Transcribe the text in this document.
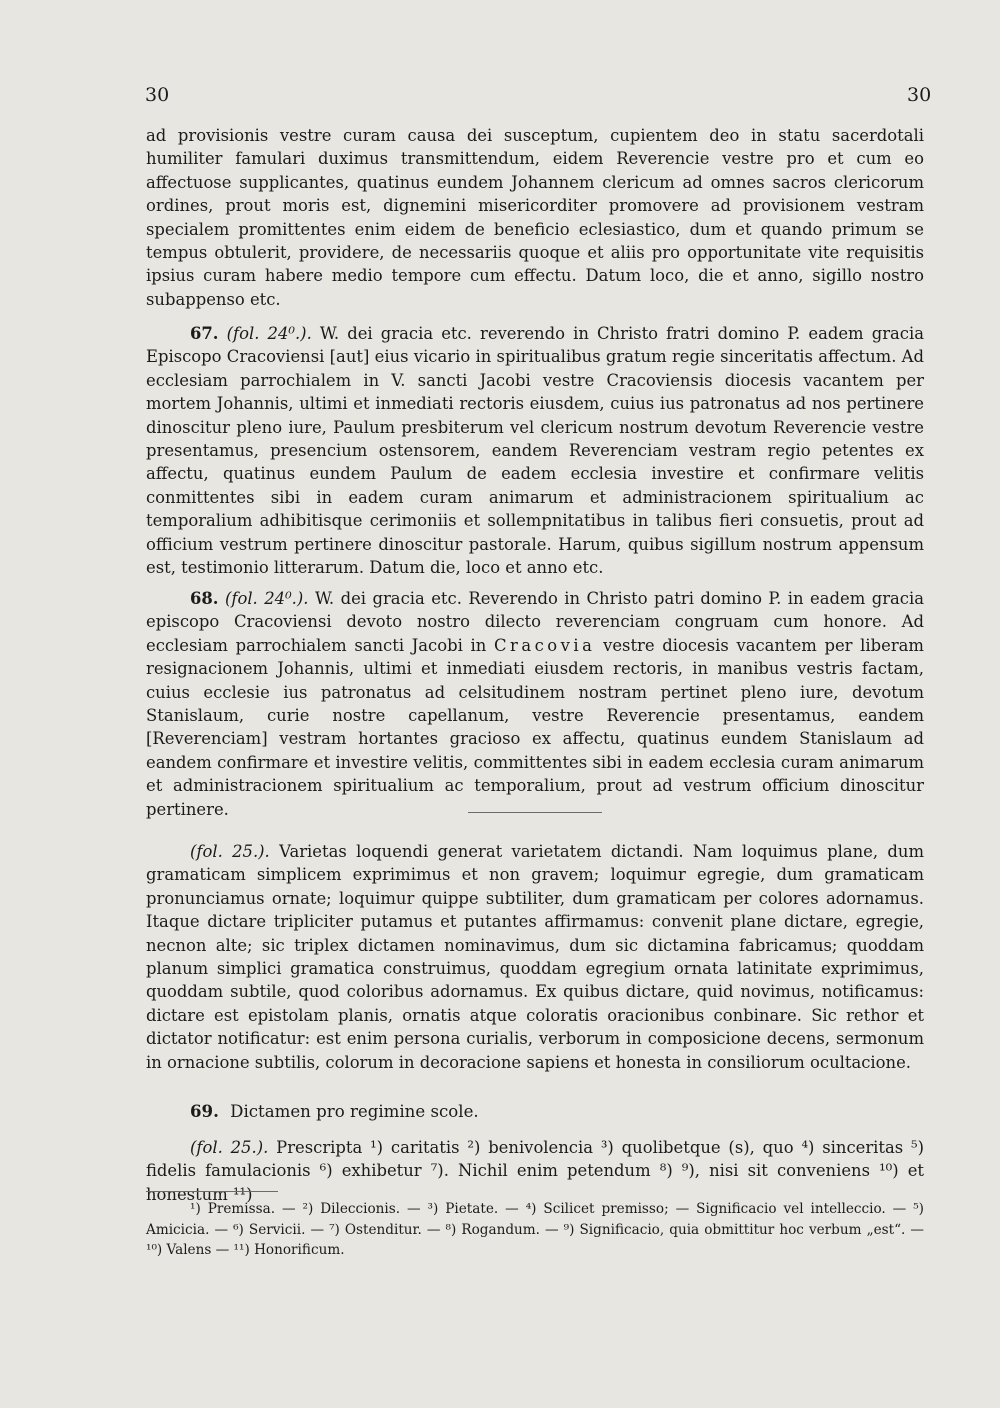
30	30

ad provisionis vestre curam causa dei susceptum, cupientem deo in statu sacerdotali humiliter famulari duximus transmittendum, eidem Reverencie vestre pro et cum eo affectuose supplicantes, quatinus eundem Johannem clericum ad omnes sacros clericorum ordines, prout moris est, dignemini misericorditer promovere ad provisionem vestram specialem promittentes enim eidem de beneficio eclesiastico, dum et quando primum se tempus obtulerit, providere, de necessariis quoque et aliis pro opportunitate vite requisitis ipsius curam habere medio tempore cum effectu. Datum loco, die et anno, sigillo nostro subappenso etc.

67. (fol. 24⁰.). W. dei gracia etc. reverendo in Christo fratri domino P. eadem gracia Episcopo Cracoviensi [aut] eius vicario in spiritualibus gratum regie sinceritatis affectum. Ad ecclesiam parrochialem in V. sancti Jacobi vestre Cracoviensis diocesis vacantem per mortem Johannis, ultimi et inmediati rectoris eiusdem, cuius ius patronatus ad nos pertinere dinoscitur pleno iure, Paulum presbiterum vel clericum nostrum devotum Reverencie vestre presentamus, presencium ostensorem, eandem Reverenciam vestram regio petentes ex affectu, quatinus eundem Paulum de eadem ecclesia investire et confirmare velitis conmittentes sibi in eadem curam animarum et administracionem spiritualium ac temporalium adhibitisque cerimoniis et sollempnitatibus in talibus fieri consuetis, prout ad officium vestrum pertinere dinoscitur pastorale. Harum, quibus sigillum nostrum appensum est, testimonio litterarum. Datum die, loco et anno etc.

68. (fol. 24⁰.). W. dei gracia etc. Reverendo in Christo patri domino P. in eadem gracia episcopo Cracoviensi devoto nostro dilecto reverenciam congruam cum honore. Ad ecclesiam parrochialem sancti Jacobi in Cracovia vestre diocesis vacantem per liberam resignacionem Johannis, ultimi et inmediati eiusdem rectoris, in manibus vestris factam, cuius ecclesie ius patronatus ad celsitudinem nostram pertinet pleno iure, devotum Stanislaum, curie nostre capellanum, vestre Reverencie presentamus, eandem [Reverenciam] vestram hortantes gracioso ex affectu, quatinus eundem Stanislaum ad eandem confirmare et investire velitis, committentes sibi in eadem ecclesia curam animarum et administracionem spiritualium ac temporalium, prout ad vestrum officium dinoscitur pertinere.

(fol. 25.). Varietas loquendi generat varietatem dictandi. Nam loquimus plane, dum gramaticam simplicem exprimimus et non gravem; loquimur egregie, dum gramaticam pronunciamus ornate; loquimur quippe subtiliter, dum gramaticam per colores adornamus. Itaque dictare tripliciter putamus et putantes affirmamus: convenit plane dictare, egregie, necnon alte; sic triplex dictamen nominavimus, dum sic dictamina fabricamus; quoddam planum simplici gramatica construimus, quoddam egregium ornata latinitate exprimimus, quoddam subtile, quod coloribus adornamus. Ex quibus dictare, quid novimus, notificamus: dictare est epistolam planis, ornatis atque coloratis oracionibus conbinare. Sic rethor et dictator notificatur: est enim persona curialis, verborum in composicione decens, sermonum in ornacione subtilis, colorum in decoracione sapiens et honesta in consiliorum ocultacione.

69. Dictamen pro regimine scole.

(fol. 25.). Prescripta ¹) caritatis ²) benivolencia ³) quolibetque (s), quo ⁴) sinceritas ⁵) fidelis famulacionis ⁶) exhibetur ⁷). Nichil enim petendum ⁸) ⁹), nisi sit conveniens ¹⁰) et honestum ¹¹)

¹) Premissa. — ²) Dileccionis. — ³) Pietate. — ⁴) Scilicet premisso; — Significacio vel intelleccio. — ⁵) Amicicia. — ⁶) Servicii. — ⁷) Ostenditur. — ⁸) Rogandum. — ⁹) Significacio, quia obmittitur hoc verbum „est“. — ¹⁰) Valens — ¹¹) Honorificum.
